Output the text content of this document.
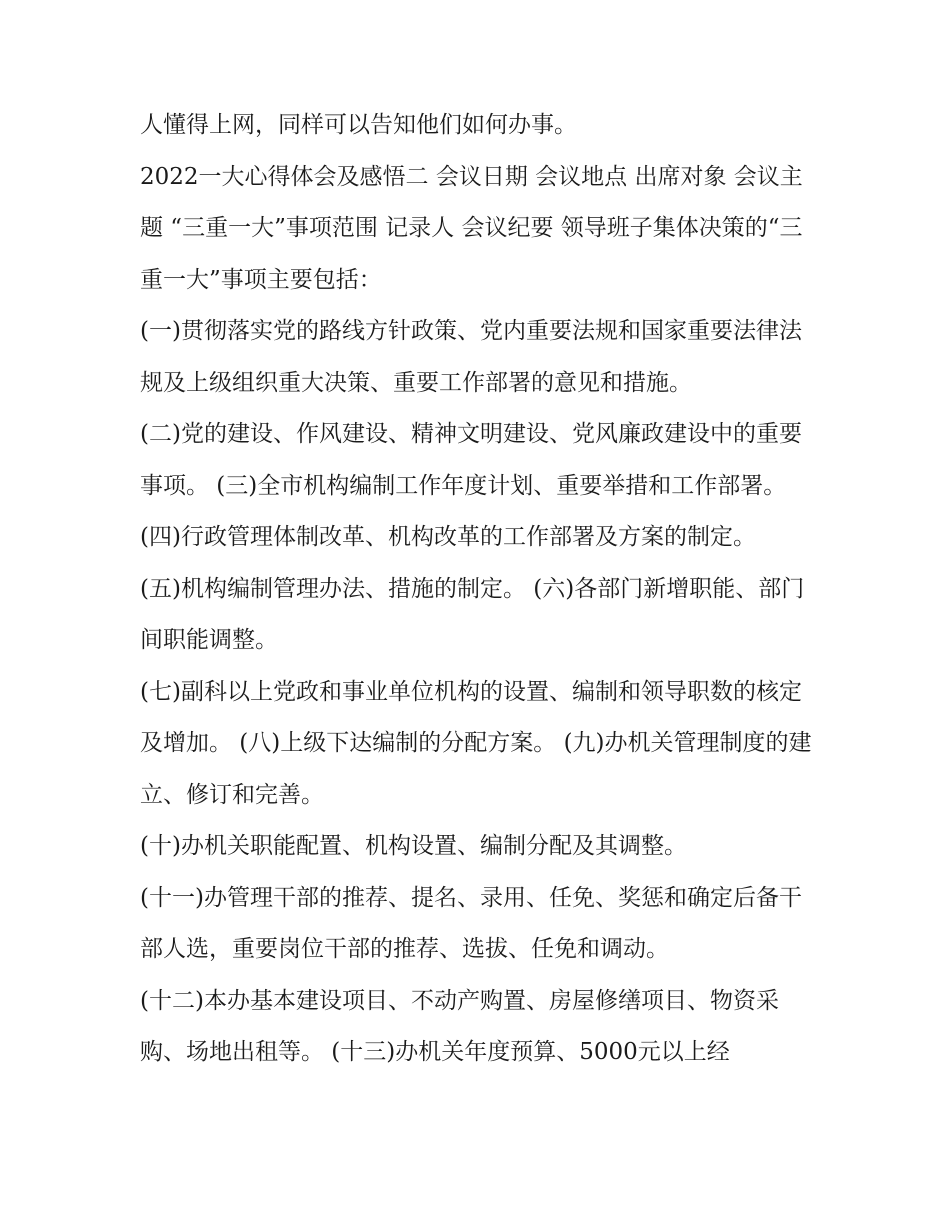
人懂得上网，同样可以告知他们如何办事。

2022一大心得体会及感悟二 会议日期 会议地点 出席对象 会议主题 “三重一大”事项范围 记录人 会议纪要 领导班子集体决策的“三重一大”事项主要包括：

(一)贯彻落实党的路线方针政策、党内重要法规和国家重要法律法规及上级组织重大决策、重要工作部署的意见和措施。

(二)党的建设、作风建设、精神文明建设、党风廉政建设中的重要事项。 (三)全市机构编制工作年度计划、重要举措和工作部署。

(四)行政管理体制改革、机构改革的工作部署及方案的制定。

(五)机构编制管理办法、措施的制定。 (六)各部门新增职能、部门间职能调整。

(七)副科以上党政和事业单位机构的设置、编制和领导职数的核定及增加。 (八)上级下达编制的分配方案。 (九)办机关管理制度的建立、修订和完善。

(十)办机关职能配置、机构设置、编制分配及其调整。

(十一)办管理干部的推荐、提名、录用、任免、奖惩和确定后备干部人选，重要岗位干部的推荐、选拔、任免和调动。

(十二)本办基本建设项目、不动产购置、房屋修缮项目、物资采购、场地出租等。 (十三)办机关年度预算、5000元以上经
